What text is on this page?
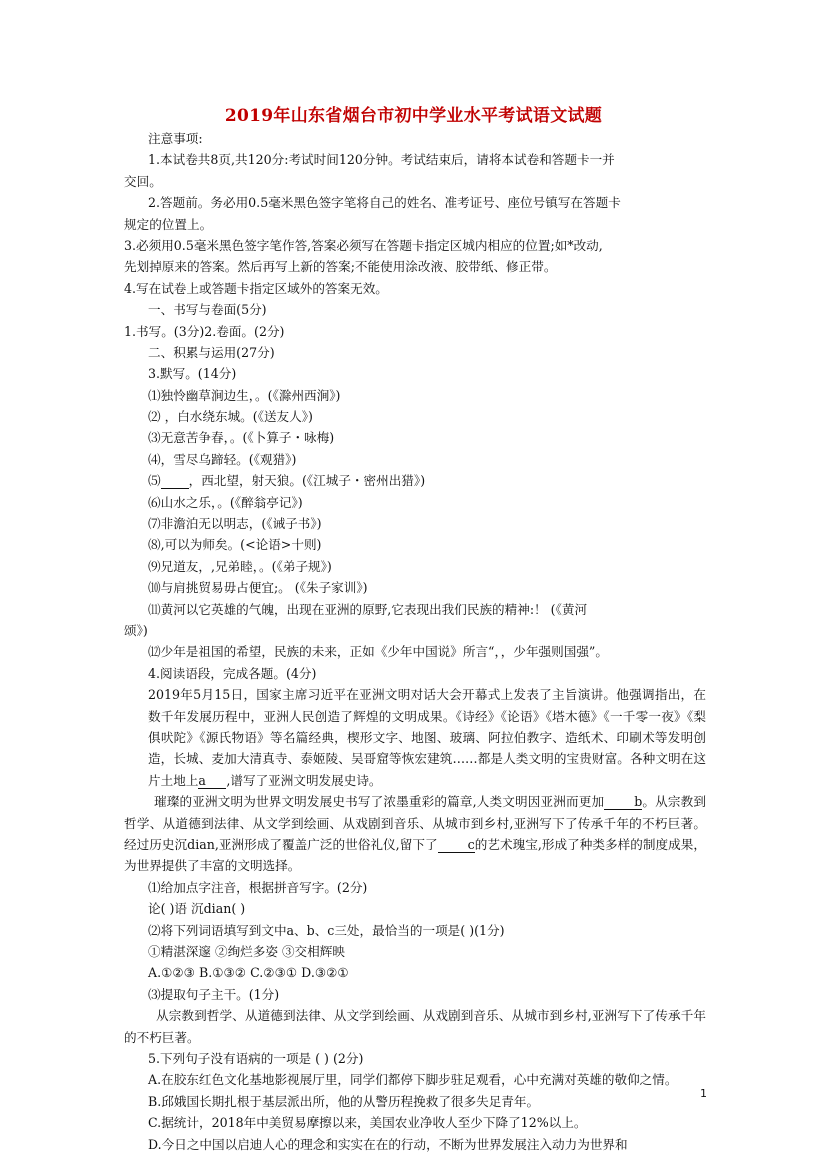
2019年山东省烟台市初中学业水平考试语文试题
注意事项:
1.本试卷共8页,共120分:考试时间120分钟。考试结束后，请将本试卷和答题卡一并
交回。
2.答题前。务必用0.5毫米黑色签字笔将自己的姓名、准考证号、座位号镇写在答题卡
规定的位置上。
3.必须用0.5毫米黑色签字笔作答,答案必须写在答题卡指定区城内相应的位置;如*改动,
先划掉原来的答案。然后再写上新的答案;不能使用涂改液、胶带纸、修正带。
4.写在试卷上或答题卡指定区域外的答案无效。
一、书写与卷面(5分)
1.书写。(3分)2.卷面。(2分)
二、积累与运用(27分)
3.默写。(14分)
⑴独怜幽草涧边生，。(《滁州西涧》)
⑵ ，白水绕东城。(《送友人》)
⑶无意苦争春，。(《卜算子・咏梅)
⑷，雪尽乌蹄轻。(《观猎》)
⑸ ，西北望，射天狼。(《江城子・密州出猎》)
⑹山水之乐，。(《醉翁亭记》)
⑺非澹泊无以明志，(《诫子书》)
⑻,可以为师矣。(<论语>十则)
⑼兄道友，,兄弟睦，。(《弟子规》)
⑽与肩挑贸易毋占便宜;。 (《朱子家训》)
⑾黄河以它英雄的气魄，出现在亚洲的原野,它表现出我们民族的精神:！ (《黄河
颂》)
⑿少年是祖国的希望，民族的未来，正如《少年中国说》所言“，，少年强则国强”。
4.阅读语段，完成各题。(4分)
2019年5月15日，国家主席习近平在亚洲文明对话大会开幕式上发表了主旨演讲。他强调指出，在数千年发展历程中，亚洲人民创造了辉煌的文明成果。《诗经》《论语》《塔木德》《一千零一夜》《梨俱吠陀》《源氏物语》等名篇经典，楔形文字、地图、玻璃、阿拉伯教字、造纸术、印刷术等发明创造，长城、麦加大清真寺、泰姬陵、吴哥窟等恢宏建筑……都是人类文明的宝贵财富。各种文明在这片土地上a ,谱写了亚洲文明发展史诗。
璀璨的亚洲文明为世界文明发展史书写了浓墨重彩的篇章,人类文明因亚洲而更加 b。从宗教到哲学、从道德到法律、从文学到绘画、从戏剧到音乐、从城市到乡村,亚洲写下了传承千年的不朽巨著。经过历史沉dian,亚洲形成了覆盖广泛的世俗礼仪,留下了 c的艺术瑰宝,形成了种类多样的制度成果，为世界提供了丰富的文明选择。
⑴给加点字注音，根据拼音写字。(2分)
论( )语 沉dian( )
⑵将下列词语填写到文中a、b、c三处，最恰当的一项是( )(1分)
①精湛深邃 ②绚烂多姿 ③交相辉映
A.①②③ B.①③② C.②③① D.③②①
⑶提取句子主干。(1分)
从宗教到哲学、从道德到法律、从文学到绘画、从戏剧到音乐、从城市到乡村,亚洲写下了传承千年的不朽巨著。
5.下列句子没有语病的一项是 ( ) (2分)
A.在胶东红色文化基地影视展厅里，同学们都停下脚步驻足观看，心中充满对英雄的敬仰之情。
B.邱娥国长期扎根于基层派出所，他的从警历程挽救了很多失足青年。
C.据统计，2018年中美贸易摩擦以来，美国农业净收人至少下降了12%以上。
D.今日之中国以启迪人心的理念和实实在在的行动，不断为世界发展注入动力为世界和
1
